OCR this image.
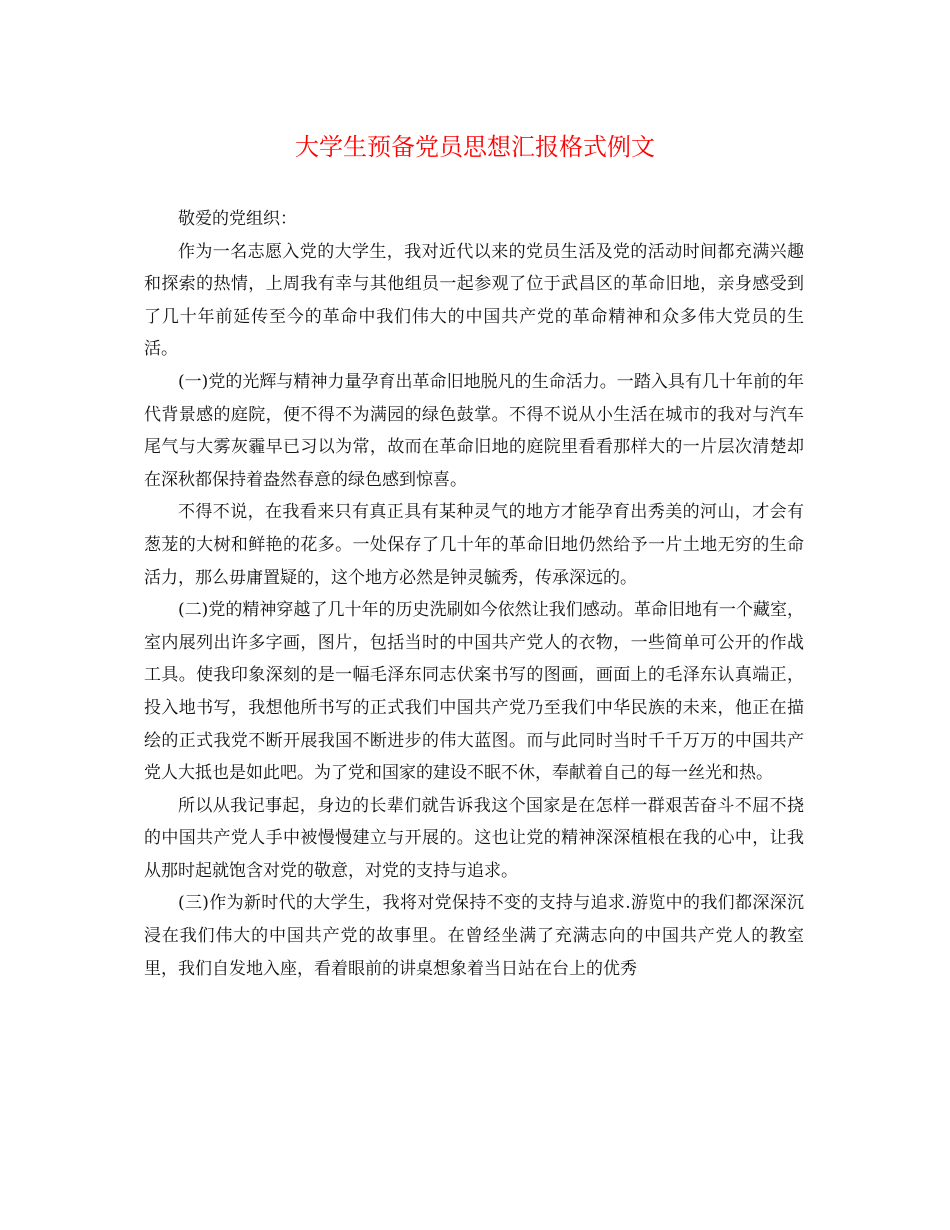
大学生预备党员思想汇报格式例文

敬爱的党组织：

作为一名志愿入党的大学生，我对近代以来的党员生活及党的活动时间都充满兴趣和探索的热情，上周我有幸与其他组员一起参观了位于武昌区的革命旧地，亲身感受到了几十年前延传至今的革命中我们伟大的中国共产党的革命精神和众多伟大党员的生活。

(一)党的光辉与精神力量孕育出革命旧地脱凡的生命活力。一踏入具有几十年前的年代背景感的庭院，便不得不为满园的绿色鼓掌。不得不说从小生活在城市的我对与汽车尾气与大雾灰霾早已习以为常，故而在革命旧地的庭院里看看那样大的一片层次清楚却在深秋都保持着盎然春意的绿色感到惊喜。

不得不说，在我看来只有真正具有某种灵气的地方才能孕育出秀美的河山，才会有葱茏的大树和鲜艳的花多。一处保存了几十年的革命旧地仍然给予一片土地无穷的生命活力，那么毋庸置疑的，这个地方必然是钟灵毓秀，传承深远的。

(二)党的精神穿越了几十年的历史洗刷如今依然让我们感动。革命旧地有一个藏室，室内展列出许多字画，图片，包括当时的中国共产党人的衣物，一些简单可公开的作战工具。使我印象深刻的是一幅毛泽东同志伏案书写的图画，画面上的毛泽东认真端正，投入地书写，我想他所书写的正式我们中国共产党乃至我们中华民族的未来，他正在描绘的正式我党不断开展我国不断进步的伟大蓝图。而与此同时当时千千万万的中国共产党人大抵也是如此吧。为了党和国家的建设不眠不休，奉献着自己的每一丝光和热。

所以从我记事起，身边的长辈们就告诉我这个国家是在怎样一群艰苦奋斗不屈不挠的中国共产党人手中被慢慢建立与开展的。这也让党的精神深深植根在我的心中，让我从那时起就饱含对党的敬意，对党的支持与追求。

(三)作为新时代的大学生，我将对党保持不变的支持与追求.游览中的我们都深深沉浸在我们伟大的中国共产党的故事里。在曾经坐满了充满志向的中国共产党人的教室里，我们自发地入座，看着眼前的讲桌想象着当日站在台上的优秀
